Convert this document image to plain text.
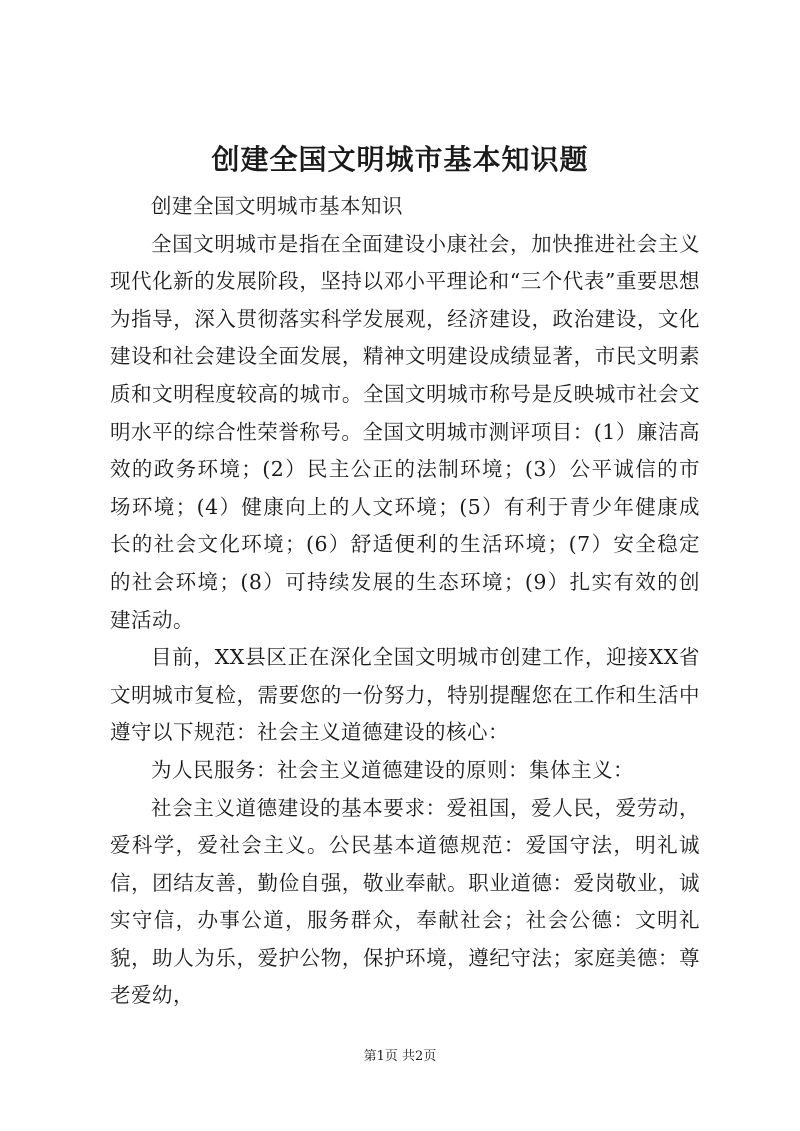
创建全国文明城市基本知识题

创建全国文明城市基本知识

全国文明城市是指在全面建设小康社会，加快推进社会主义现代化新的发展阶段，坚持以邓小平理论和“三个代表”重要思想为指导，深入贯彻落实科学发展观，经济建设，政治建设，文化建设和社会建设全面发展，精神文明建设成绩显著，市民文明素质和文明程度较高的城市。全国文明城市称号是反映城市社会文明水平的综合性荣誉称号。全国文明城市测评项目：(1）廉洁高效的政务环境；(2）民主公正的法制环境；(3）公平诚信的市场环境；(4）健康向上的人文环境；(5）有利于青少年健康成长的社会文化环境；(6）舒适便利的生活环境；(7）安全稳定的社会环境；(8）可持续发展的生态环境；(9）扎实有效的创建活动。

目前，XX县区正在深化全国文明城市创建工作，迎接XX省文明城市复检，需要您的一份努力，特别提醒您在工作和生活中遵守以下规范：社会主义道德建设的核心：

为人民服务：社会主义道德建设的原则：集体主义：

社会主义道德建设的基本要求：爱祖国，爱人民，爱劳动，爱科学，爱社会主义。公民基本道德规范：爱国守法，明礼诚信，团结友善，勤俭自强，敬业奉献。职业道德：爱岗敬业，诚实守信，办事公道，服务群众，奉献社会；社会公德：文明礼貌，助人为乐，爱护公物，保护环境，遵纪守法；家庭美德：尊老爱幼，

第1页 共2页
